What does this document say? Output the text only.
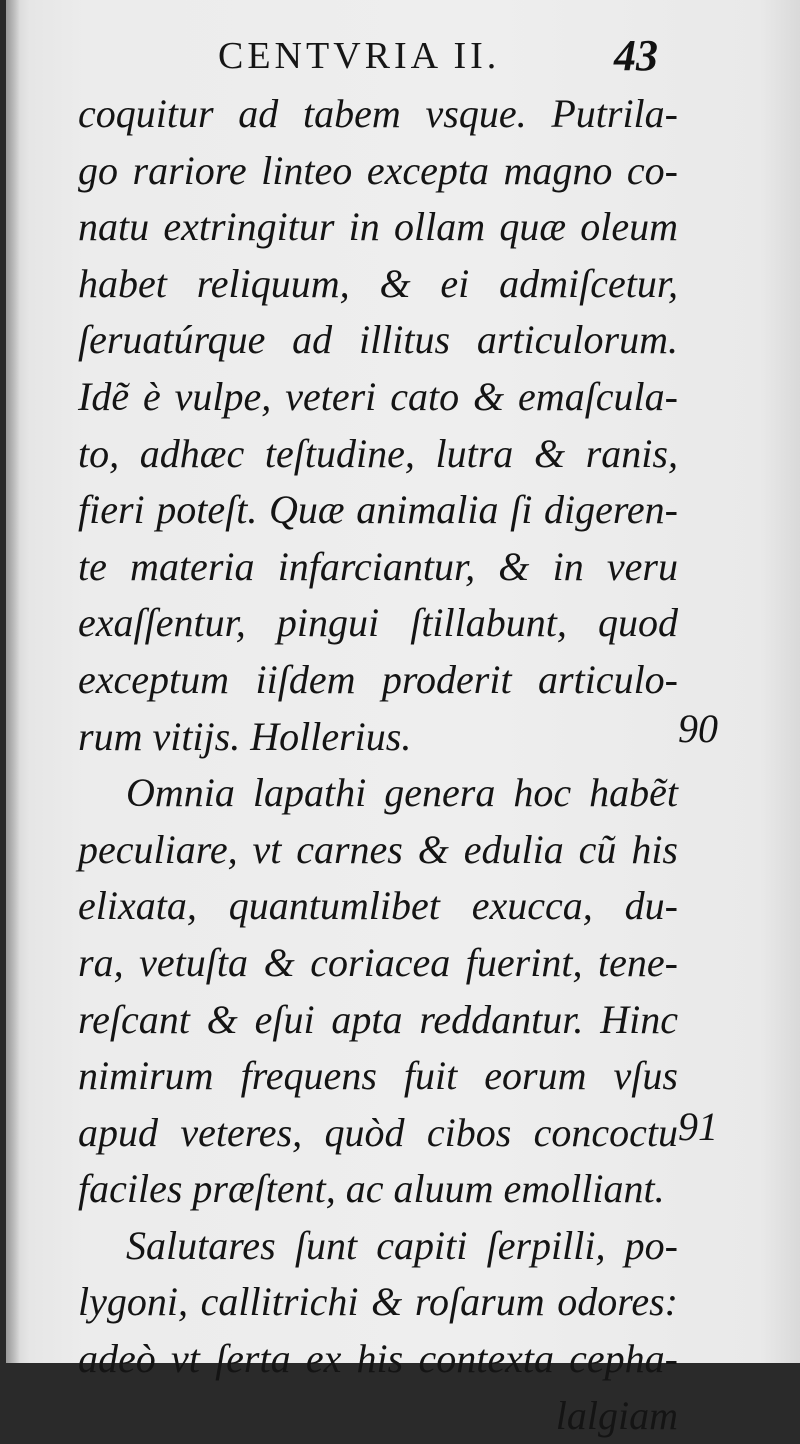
CENTVRIA II.	43
coquitur ad tabem vsque. Putrila-
go rariore linteo excepta magno co-
natu extringitur in ollam quæ oleum
habet reliquum, & ei admiſcetur,
ſeruatúrque ad illitus articulorum.
Idẽ è vulpe, veteri cato & emaſcula-
to, adhæc teſtudine, lutra & ranis,
fieri poteſt. Quæ animalia ſi digeren-
te materia infarciantur, & in veru
exaſſentur, pingui ſtillabunt, quod
exceptum iiſdem proderit articulo-
rum vitijs. Hollerius.
Omnia lapathi genera hoc habẽt
peculiare, vt carnes & edulia cũ his
elixata, quantumlibet exucca, du-
ra, vetuſta & coriacea fuerint, tene-
reſcant & eſui apta reddantur. Hinc
nimirum frequens fuit eorum vſus
apud veteres, quòd cibos concoctu
faciles præſtent, ac aluum emolliant.
Salutares ſunt capiti ſerpilli, po-
lygoni, callitrichi & roſarum odores:
adeò vt ſerta ex his contexta cepha-
lalgiam
90
91
